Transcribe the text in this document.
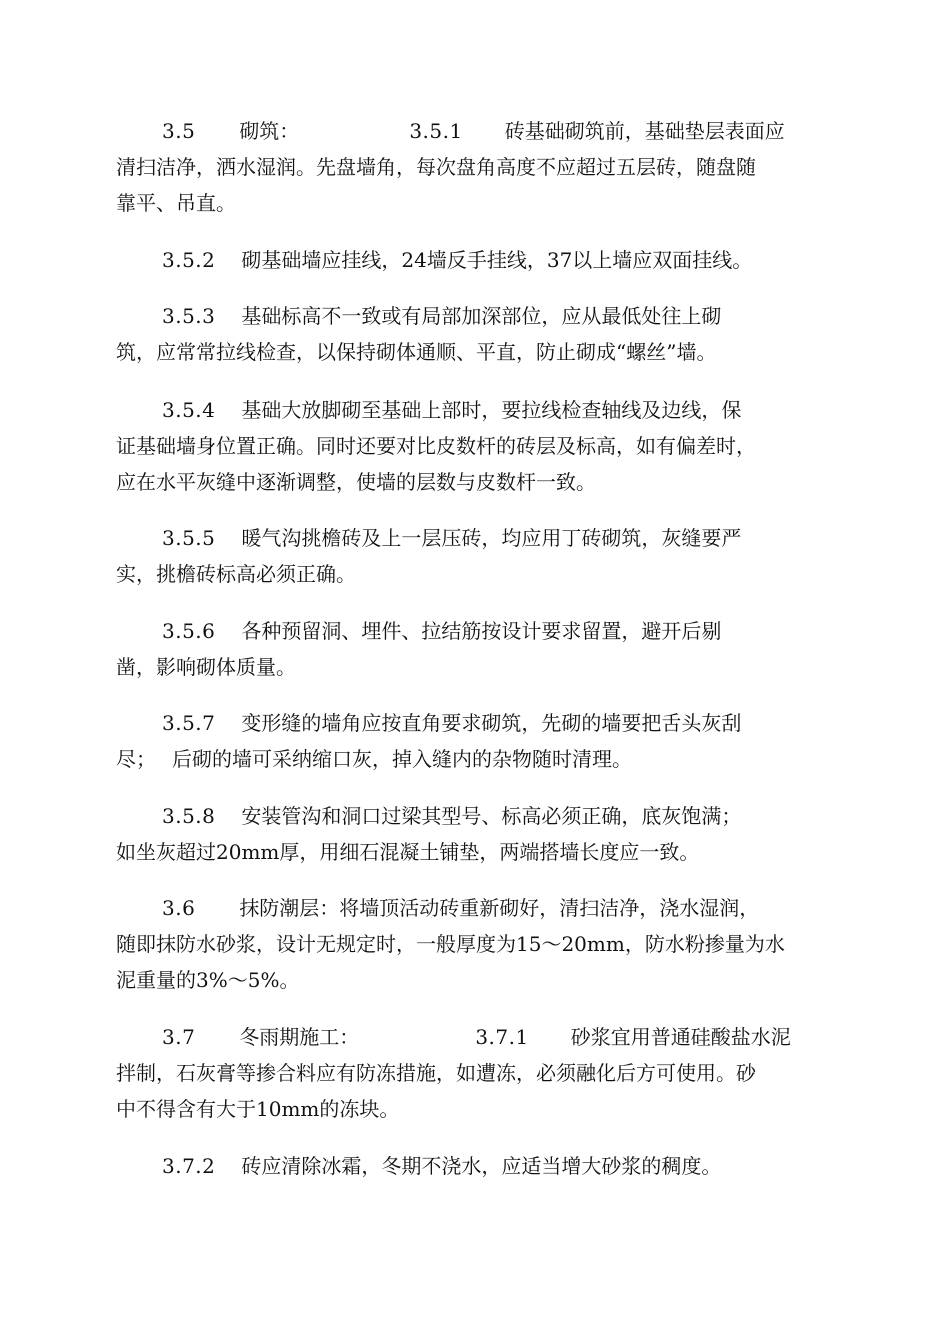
3.5 砌筑：	3.5.1 砖基础砌筑前，基础垫层表面应
清扫洁净，洒水湿润。先盘墙角，每次盘角高度不应超过五层砖，随盘随
靠平、吊直。
3.5.2 砌基础墙应挂线，24墙反手挂线，37以上墙应双面挂线。
3.5.3 基础标高不一致或有局部加深部位，应从最低处往上砌
筑，应常常拉线检查，以保持砌体通顺、平直，防止砌成“螺丝”墙。
3.5.4 基础大放脚砌至基础上部时，要拉线检查轴线及边线，保
证基础墙身位置正确。同时还要对比皮数杆的砖层及标高，如有偏差时，
应在水平灰缝中逐渐调整，使墙的层数与皮数杆一致。
3.5.5 暖气沟挑檐砖及上一层压砖，均应用丁砖砌筑，灰缝要严
实，挑檐砖标高必须正确。
3.5.6 各种预留洞、埋件、拉结筋按设计要求留置，避开后剔
凿，影响砌体质量。
3.5.7 变形缝的墙角应按直角要求砌筑，先砌的墙要把舌头灰刮
尽； 后砌的墙可采纳缩口灰，掉入缝内的杂物随时清理。
3.5.8 安装管沟和洞口过梁其型号、标高必须正确，底灰饱满；
如坐灰超过20mm厚，用细石混凝土铺垫，两端搭墙长度应一致。
3.6 抹防潮层：将墙顶活动砖重新砌好，清扫洁净，浇水湿润，
随即抹防水砂浆，设计无规定时，一般厚度为15～20mm，防水粉掺量为水
泥重量的3%～5%。
3.7 冬雨期施工：	3.7.1 砂浆宜用普通硅酸盐水泥
拌制，石灰膏等掺合料应有防冻措施，如遭冻，必须融化后方可使用。砂
中不得含有大于10mm的冻块。
3.7.2 砖应清除冰霜，冬期不浇水，应适当增大砂浆的稠度。
